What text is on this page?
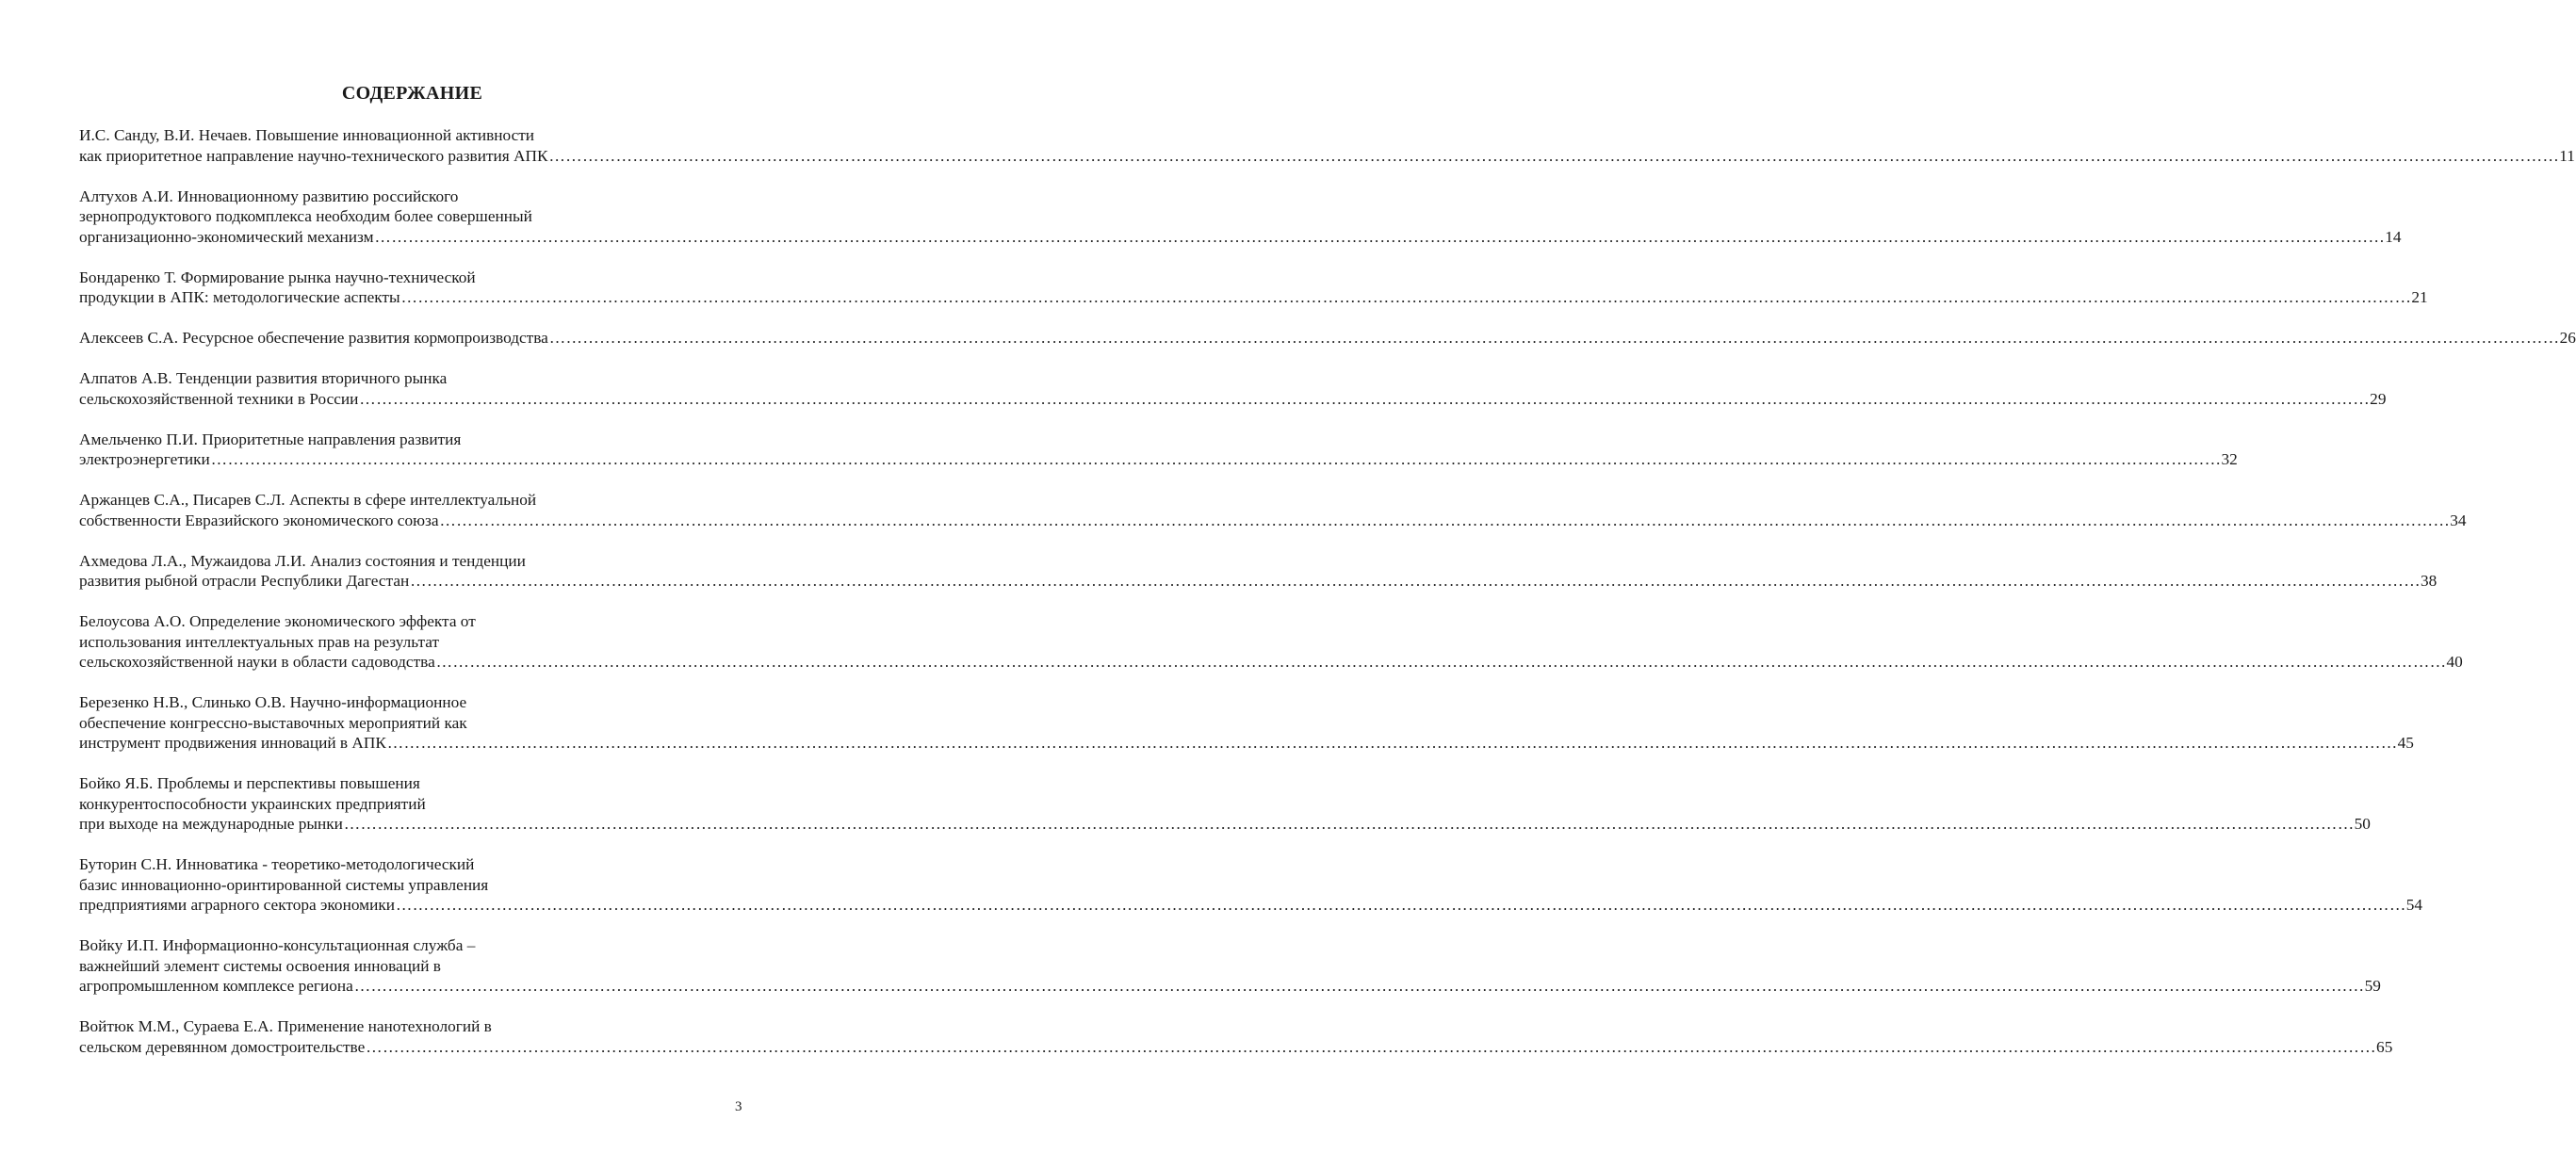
СОДЕРЖАНИЕ
И.С. Санду, В.И. Нечаев. Повышение инновационной активности
как приоритетное направление научно-технического развития АПК ……………………………………………………………………………………………………………………………………………………………………………………………………………………………………………………………………………………………………………………………… 11
Алтухов А.И. Инновационному развитию российского
зернопродуктового подкомплекса необходим более совершенный
организационно-экономический механизм ……………………………………………………………………………………………………………………………………………………………………………………………………………………………………………………………………………………………………………………………… 14
Бондаренко Т. Формирование рынка научно-технической
продукции в АПК: методологические аспекты ……………………………………………………………………………………………………………………………………………………………………………………………………………………………………………………………………………………………………………………………… 21
Алексеев С.А. Ресурсное обеспечение развития кормопроизводства ……………………………………………………………………………………………………………………………………………………………………………………………………………………………………………………………………………………………………………………………… 26
Алпатов А.В. Тенденции развития вторичного рынка
сельскохозяйственной техники в России ……………………………………………………………………………………………………………………………………………………………………………………………………………………………………………………………………………………………………………………………… 29
Амельченко П.И. Приоритетные направления развития
электроэнергетики ……………………………………………………………………………………………………………………………………………………………………………………………………………………………………………………………………………………………………………………………… 32
Аржанцев С.А., Писарев С.Л. Аспекты в сфере интеллектуальной
собственности Евразийского экономического союза ……………………………………………………………………………………………………………………………………………………………………………………………………………………………………………………………………………………………………………………………… 34
Ахмедова Л.А., Мужаидова Л.И. Анализ состояния и тенденции
развития рыбной отрасли Республики Дагестан ……………………………………………………………………………………………………………………………………………………………………………………………………………………………………………………………………………………………………………………………… 38
Белоусова А.О. Определение экономического эффекта от
использования интеллектуальных прав на результат
сельскохозяйственной науки в области садоводства ……………………………………………………………………………………………………………………………………………………………………………………………………………………………………………………………………………………………………………………………… 40
Березенко Н.В., Слинько О.В. Научно-информационное
обеспечение конгрессно-выставочных мероприятий как
инструмент продвижения инноваций в АПК ……………………………………………………………………………………………………………………………………………………………………………………………………………………………………………………………………………………………………………………………… 45
Бойко Я.Б. Проблемы и перспективы повышения
конкурентоспособности украинских предприятий
при выходе на международные рынки ……………………………………………………………………………………………………………………………………………………………………………………………………………………………………………………………………………………………………………………………… 50
Буторин С.Н. Инноватика - теоретико-методологический
базис инновационно-оринтированной системы управления
предприятиями аграрного сектора экономики ……………………………………………………………………………………………………………………………………………………………………………………………………………………………………………………………………………………………………………………………… 54
Войку И.П. Информационно-консультационная служба –
важнейший элемент системы освоения инноваций в
агропромышленном комплексе региона ……………………………………………………………………………………………………………………………………………………………………………………………………………………………………………………………………………………………………………………………… 59
Войтюк М.М., Сураева Е.А. Применение нанотехнологий в
сельском деревянном домостроительстве ……………………………………………………………………………………………………………………………………………………………………………………………………………………………………………………………………………………………………………………………… 65
3
